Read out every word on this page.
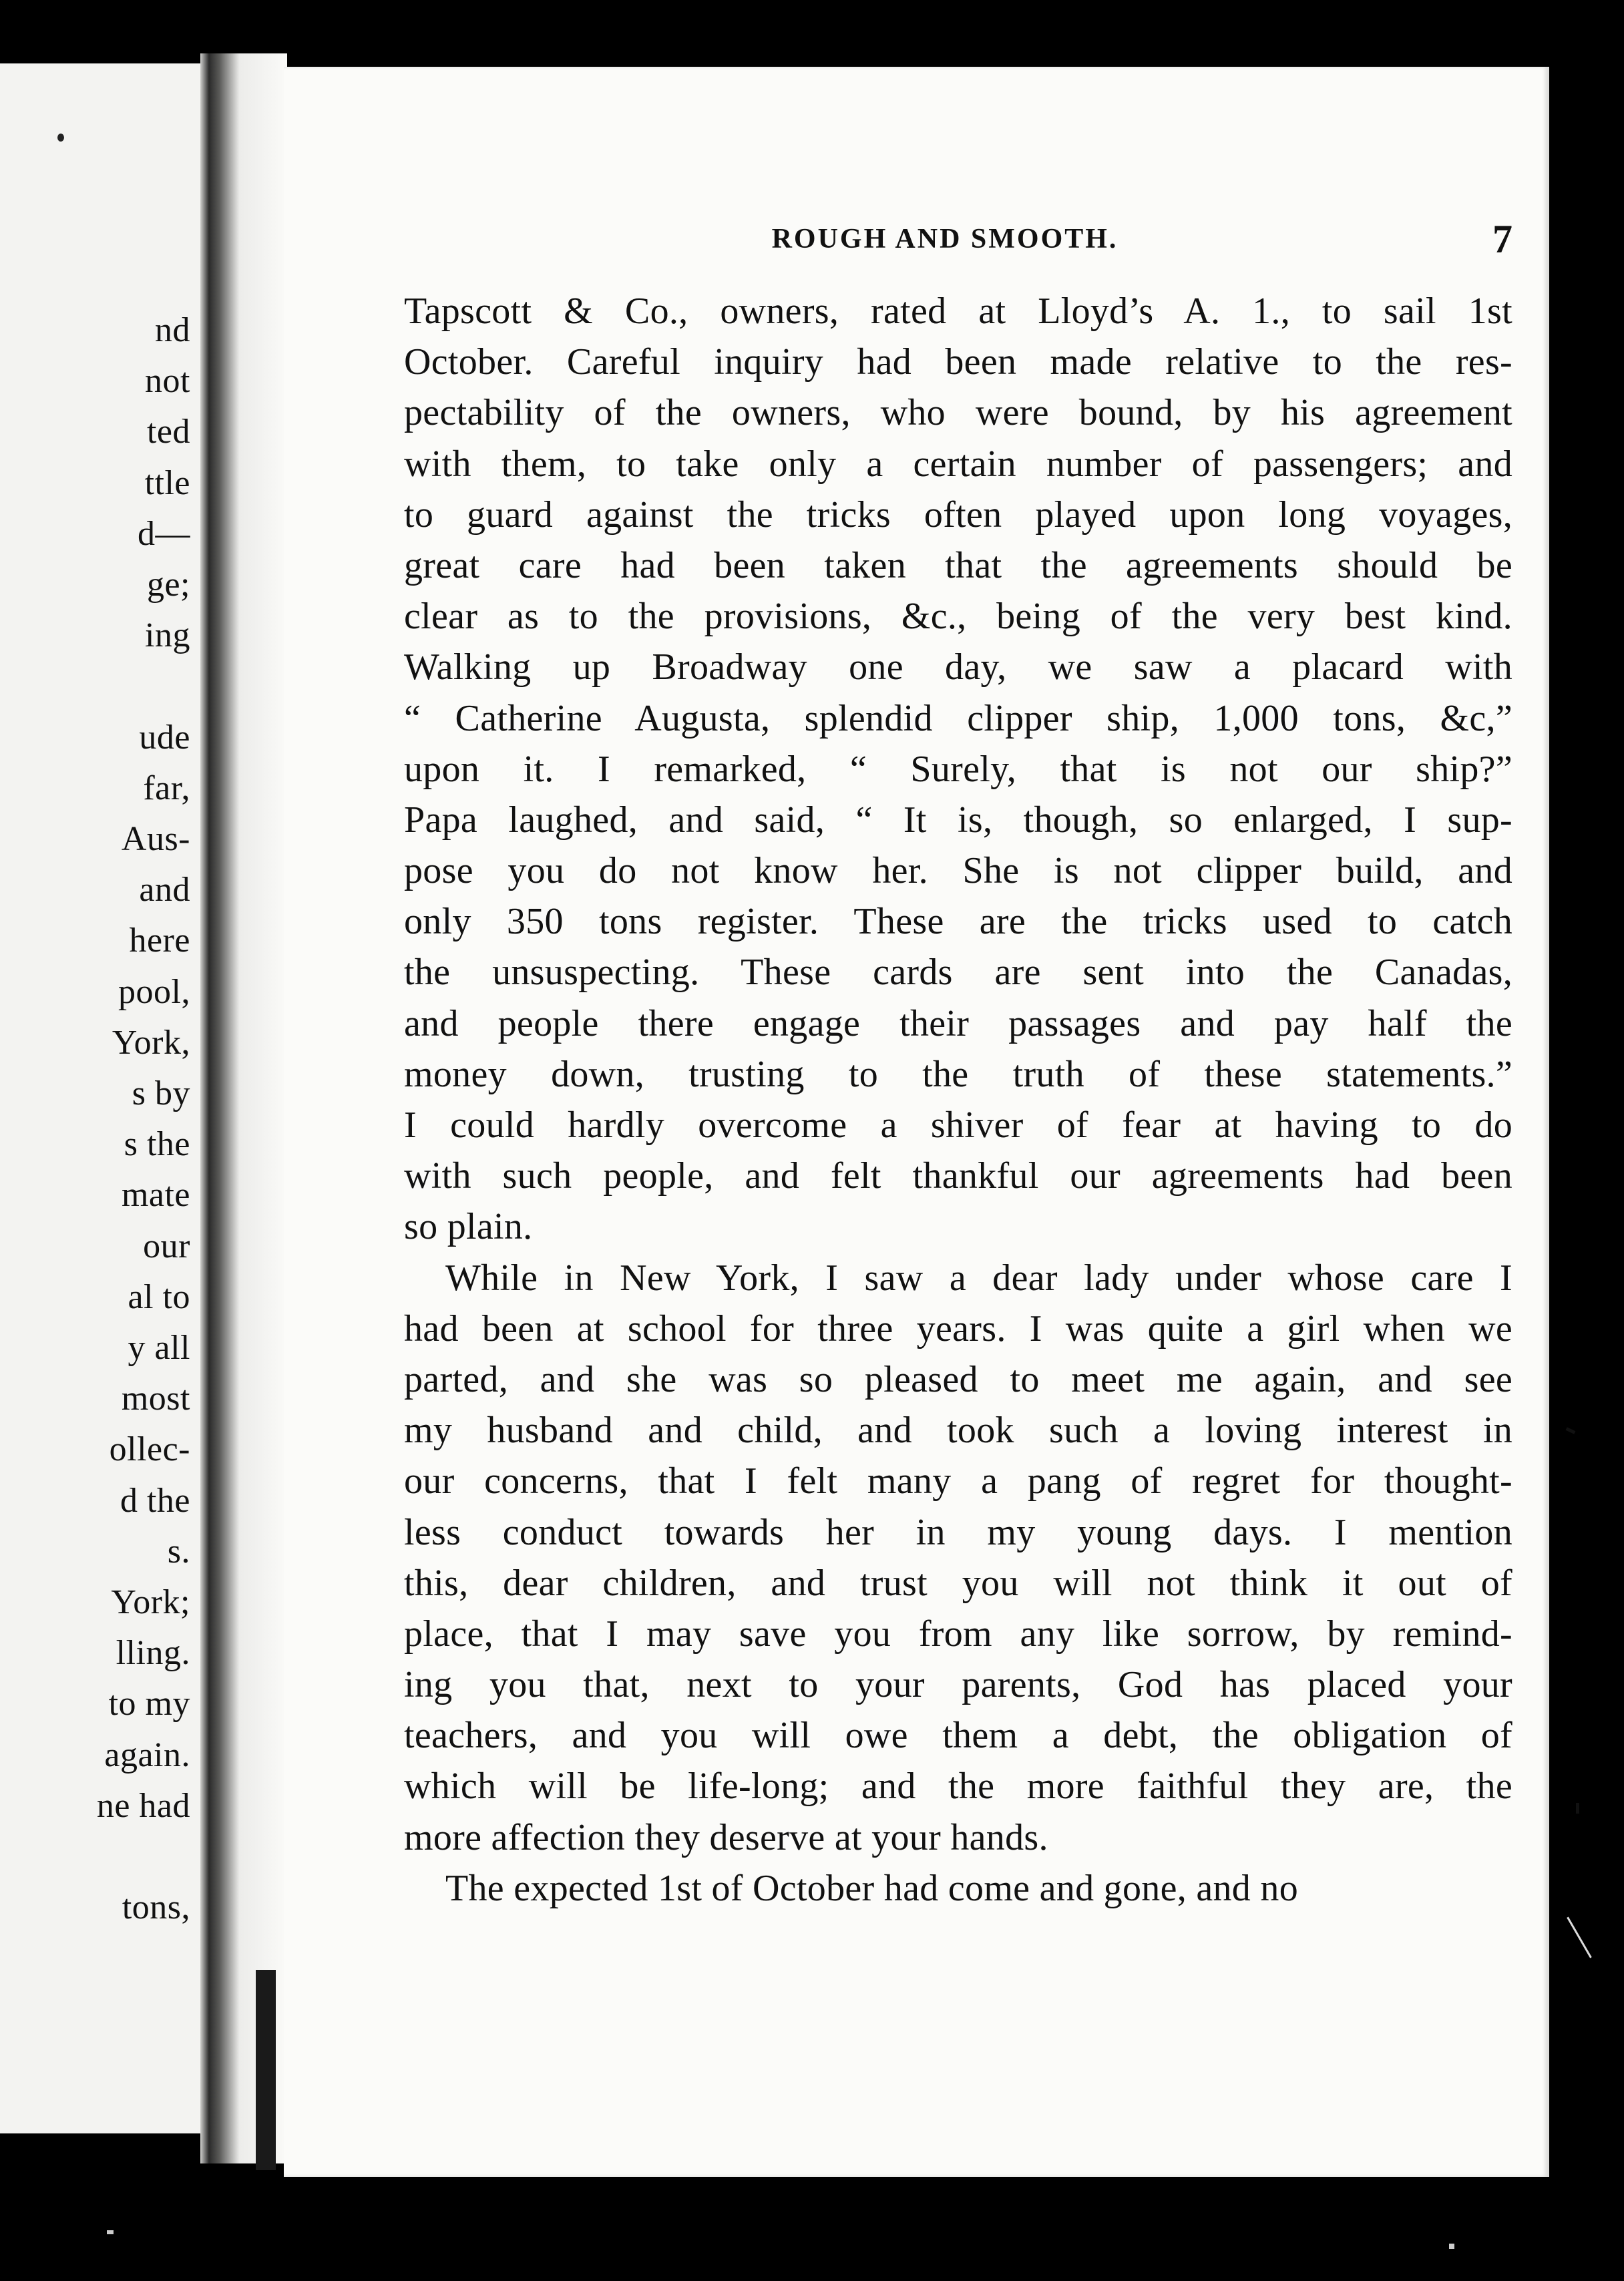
nd
not
ted
ttle
d—
ge;
ing
ude
far,
Aus-
and
here
pool,
York,
s by
s the
mate
our
al to
y all
most
ollec-
d the
s.
York;
lling.
to my
again.
ne had
tons,
ROUGH AND SMOOTH.	7
Tapscott & Co., owners, rated at Lloyd’s A. 1., to sail 1st
October. Careful inquiry had been made relative to the res-
pectability of the owners, who were bound, by his agreement
with them, to take only a certain number of passengers; and
to guard against the tricks often played upon long voyages,
great care had been taken that the agreements should be
clear as to the provisions, &c., being of the very best kind.
Walking up Broadway one day, we saw a placard with
“ Catherine Augusta, splendid clipper ship, 1,000 tons, &c,”
upon it. I remarked, “ Surely, that is not our ship?”
Papa laughed, and said, “ It is, though, so enlarged, I sup-
pose you do not know her. She is not clipper build, and
only 350 tons register. These are the tricks used to catch
the unsuspecting. These cards are sent into the Canadas,
and people there engage their passages and pay half the
money down, trusting to the truth of these statements.”
I could hardly overcome a shiver of fear at having to do
with such people, and felt thankful our agreements had been
so plain.
While in New York, I saw a dear lady under whose care I
had been at school for three years. I was quite a girl when we
parted, and she was so pleased to meet me again, and see
my husband and child, and took such a loving interest in
our concerns, that I felt many a pang of regret for thought-
less conduct towards her in my young days. I mention
this, dear children, and trust you will not think it out of
place, that I may save you from any like sorrow, by remind-
ing you that, next to your parents, God has placed your
teachers, and you will owe them a debt, the obligation of
which will be life-long; and the more faithful they are, the
more affection they deserve at your hands.
The expected 1st of October had come and gone, and no
